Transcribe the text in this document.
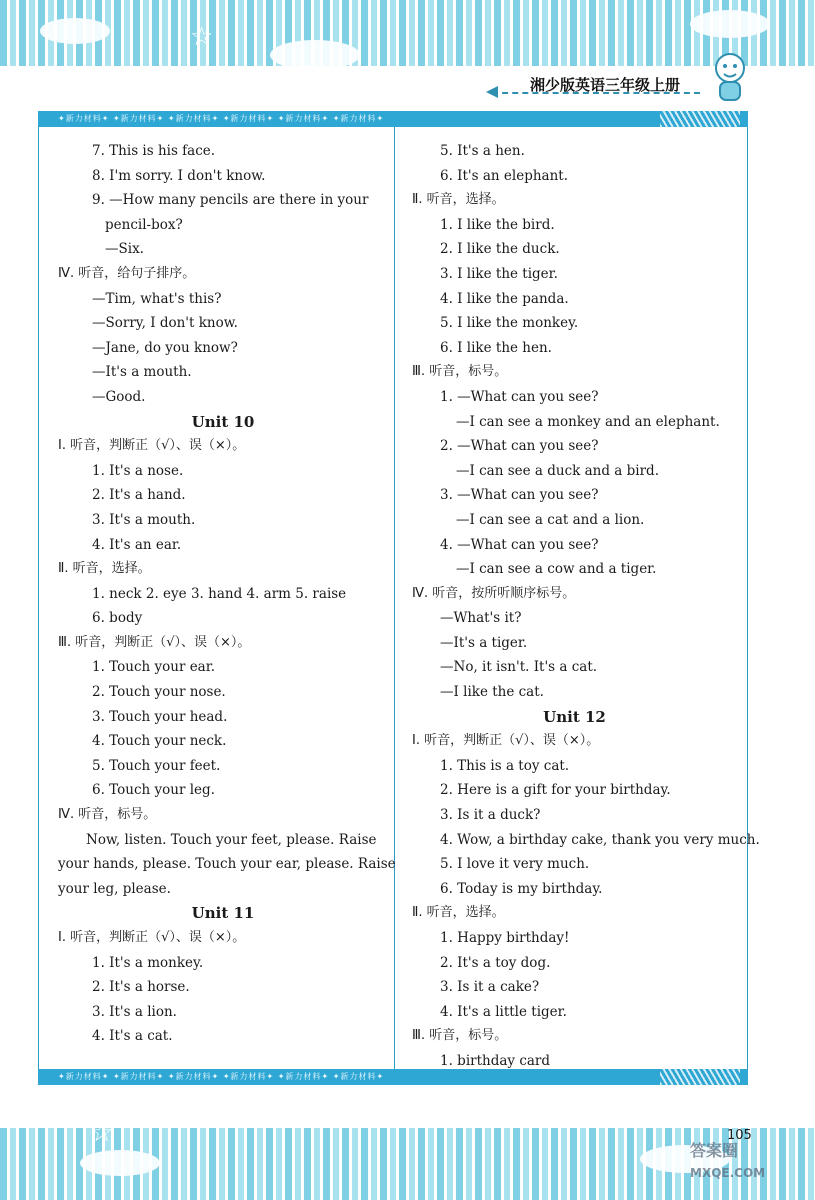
☆
湘少版英语三年级上册
✦新力材料✦ ✦新力材料✦ ✦新力材料✦ ✦新力材料✦ ✦新力材料✦ ✦新力材料✦
✦新力材料✦ ✦新力材料✦ ✦新力材料✦ ✦新力材料✦ ✦新力材料✦ ✦新力材料✦
7. This is his face.
8. I'm sorry. I don't know.
9. —How many pencils are there in your
pencil-box?
—Six.
Ⅳ. 听音，给句子排序。
—Tim, what's this?
—Sorry, I don't know.
—Jane, do you know?
—It's a mouth.
—Good.
Unit 10
Ⅰ. 听音，判断正（√）、误（×）。
1. It's a nose.
2. It's a hand.
3. It's a mouth.
4. It's an ear.
Ⅱ. 听音，选择。
1. neck 2. eye 3. hand 4. arm 5. raise
6. body
Ⅲ. 听音，判断正（√）、误（×）。
1. Touch your ear.
2. Touch your nose.
3. Touch your head.
4. Touch your neck.
5. Touch your feet.
6. Touch your leg.
Ⅳ. 听音，标号。
Now, listen. Touch your feet, please. Raise
your hands, please. Touch your ear, please. Raise
your leg, please.
Unit 11
Ⅰ. 听音，判断正（√）、误（×）。
1. It's a monkey.
2. It's a horse.
3. It's a lion.
4. It's a cat.
5. It's a hen.
6. It's an elephant.
Ⅱ. 听音，选择。
1. I like the bird.
2. I like the duck.
3. I like the tiger.
4. I like the panda.
5. I like the monkey.
6. I like the hen.
Ⅲ. 听音，标号。
1. —What can you see?
—I can see a monkey and an elephant.
2. —What can you see?
—I can see a duck and a bird.
3. —What can you see?
—I can see a cat and a lion.
4. —What can you see?
—I can see a cow and a tiger.
Ⅳ. 听音，按所听顺序标号。
—What's it?
—It's a tiger.
—No, it isn't. It's a cat.
—I like the cat.
Unit 12
Ⅰ. 听音，判断正（√）、误（×）。
1. This is a toy cat.
2. Here is a gift for your birthday.
3. Is it a duck?
4. Wow, a birthday cake, thank you very much.
5. I love it very much.
6. Today is my birthday.
Ⅱ. 听音，选择。
1. Happy birthday!
2. It's a toy dog.
3. Is it a cake?
4. It's a little tiger.
Ⅲ. 听音，标号。
1. birthday card
☆	105
答案圈
MXQE.COM
